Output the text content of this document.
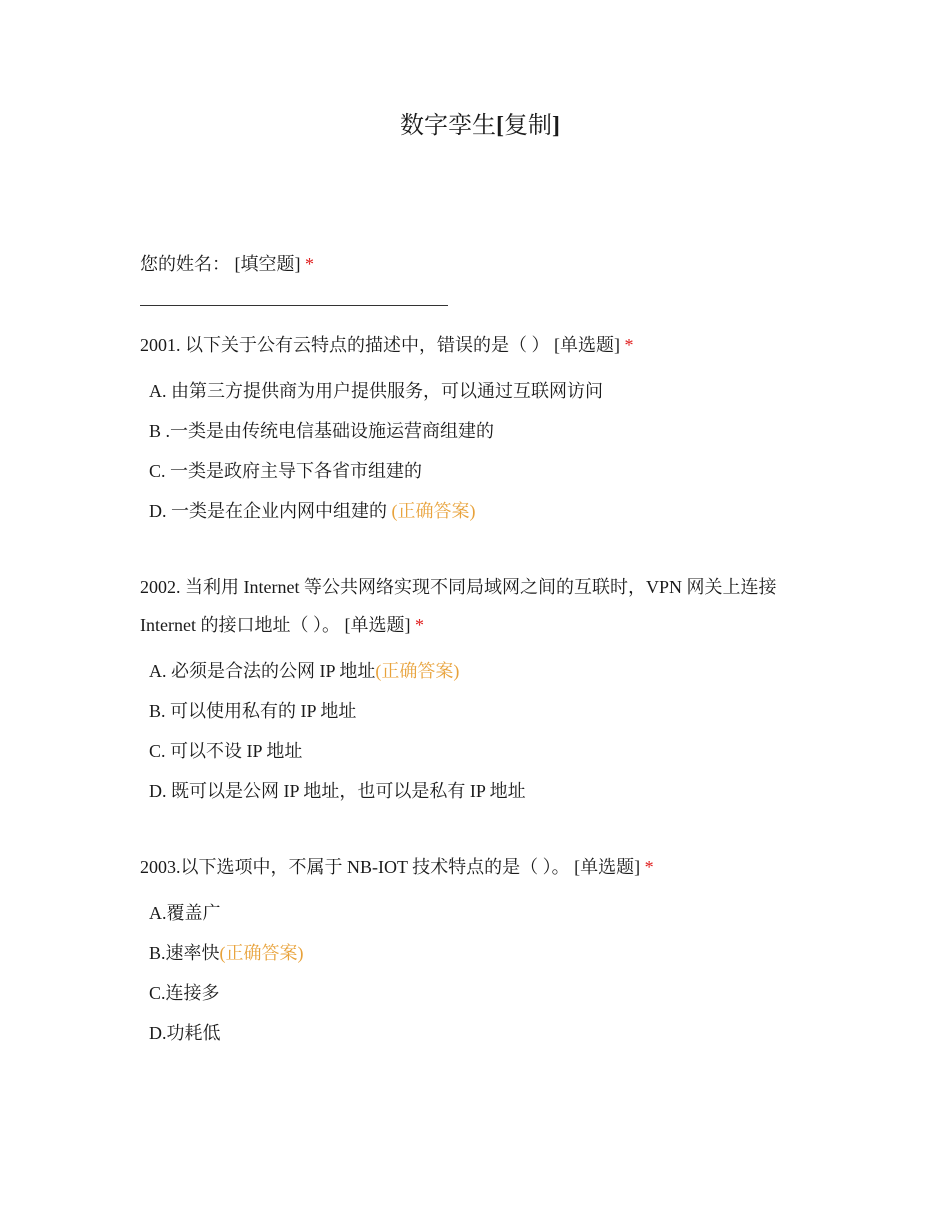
数字孪生[复制]
您的姓名： [填空题] *
2001. 以下关于公有云特点的描述中，错误的是（ ） [单选题] *
A. 由第三方提供商为用户提供服务，可以通过互联网访问
B .一类是由传统电信基础设施运营商组建的
C. 一类是政府主导下各省市组建的
D. 一类是在企业内网中组建的 (正确答案)
2002. 当利用 Internet 等公共网络实现不同局域网之间的互联时，VPN 网关上连接 Internet 的接口地址（ ）。 [单选题] *
A. 必须是合法的公网 IP 地址(正确答案)
B. 可以使用私有的 IP 地址
C. 可以不设 IP 地址
D. 既可以是公网 IP 地址，也可以是私有 IP 地址
2003.以下选项中，不属于 NB-IOT 技术特点的是（ ）。 [单选题] *
A.覆盖广
B.速率快(正确答案)
C.连接多
D.功耗低
